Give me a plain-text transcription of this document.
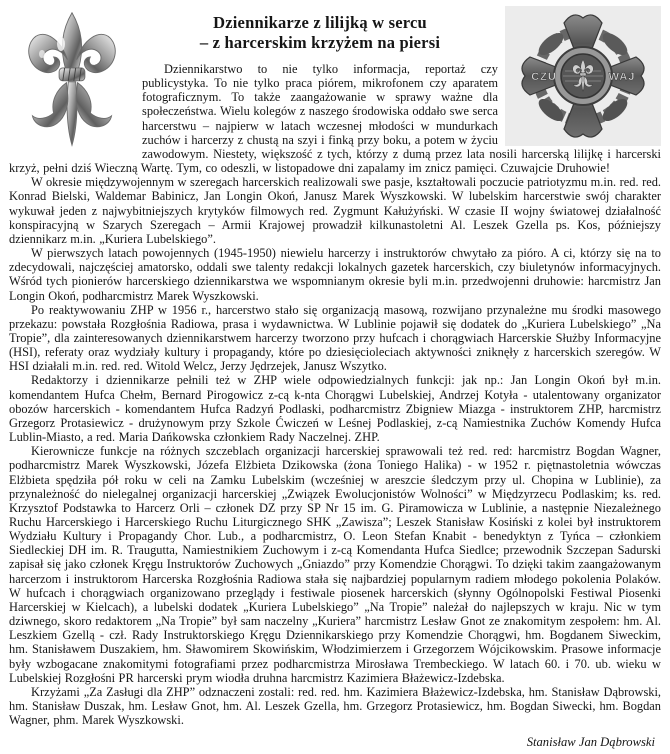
CZU	WAJ
Dziennikarze z lilijką w sercu
– z harcerskim krzyżem na piersi

Dziennikarstwo to nie tylko informacja, reportaż czy publicystyka. To nie tylko praca piórem, mikrofonem czy aparatem fotograficznym. To także zaangażowanie w sprawy ważne dla społeczeństwa. Wielu kolegów z naszego środowiska oddało swe serca harcerstwu – najpierw w latach wczesnej młodości w mundurkach zuchów i harcerzy z chustą na szyi i finką przy boku, a potem w życiu zawodowym. Niestety, większość z tych, którzy z dumą przez lata nosili harcerską lilijkę i harcerski krzyż, pełni dziś Wieczną Wartę. Tym, co odeszli, w listopadowe dni zapalamy im znicz pamięci. Czuwajcie Druhowie!

W okresie międzywojennym w szeregach harcerskich realizowali swe pasje, kształtowali poczucie patriotyzmu m.in. red. red. Konrad Bielski, Waldemar Babinicz, Jan Longin Okoń, Janusz Marek Wyszkowski. W lubelskim harcerstwie swój charakter wykuwał jeden z najwybitniejszych krytyków filmowych red. Zygmunt Kałużyński. W czasie II wojny światowej działalność konspiracyjną w Szarych Szeregach – Armii Krajowej prowadził kilkunastoletni Al. Leszek Gzella ps. Kos, późniejszy dziennikarz m.in. „Kuriera Lubelskiego”.

W pierwszych latach powojennych (1945-1950) niewielu harcerzy i instruktorów chwytało za pióro. A ci, którzy się na to zdecydowali, najczęściej amatorsko, oddali swe talenty redakcji lokalnych gazetek harcerskich, czy biuletynów informacyjnych. Wśród tych pionierów harcerskiego dziennikarstwa we wspomnianym okresie byli m.in. przedwojenni druhowie: harcmistrz Jan Longin Okoń, podharcmistrz Marek Wyszkowski.

Po reaktywowaniu ZHP w 1956 r., harcerstwo stało się organizacją masową, rozwijano przynależne mu środki masowego przekazu: powstała Rozgłośnia Radiowa, prasa i wydawnictwa. W Lublinie pojawił się dodatek do „Kuriera Lubelskiego” „Na Tropie”, dla zainteresowanych dziennikarstwem harcerzy tworzono przy hufcach i chorągwiach Harcerskie Służby Informacyjne (HSI), referaty oraz wydziały kultury i propagandy, które po dziesięcioleciach aktywności zniknęły z harcerskich szeregów. W HSI działali m.in. red. red. Witold Welcz, Jerzy Jędrzejek, Janusz Wszytko.

Redaktorzy i dziennikarze pełnili też w ZHP wiele odpowiedzialnych funkcji: jak np.: Jan Longin Okoń był m.in. komendantem Hufca Chełm, Bernard Pirogowicz z-cą k-nta Chorągwi Lubelskiej, Andrzej Kotyła - utalentowany organizator obozów harcerskich - komendantem Hufca Radzyń Podlaski, podharcmistrz Zbigniew Miazga - instruktorem ZHP, harcmistrz Grzegorz Protasiewicz - drużynowym przy Szkole Ćwiczeń w Leśnej Podlaskiej, z-cą Namiestnika Zuchów Komendy Hufca Lublin-Miasto, a red. Maria Dańkowska członkiem Rady Naczelnej. ZHP.

Kierownicze funkcje na różnych szczeblach organizacji harcerskiej sprawowali też red. red: harcmistrz Bogdan Wagner, podharcmistrz Marek Wyszkowski, Józefa Elżbieta Dzikowska (żona Toniego Halika) - w 1952 r. piętnastoletnia wówczas Elżbieta spędziła pół roku w celi na Zamku Lubelskim (wcześniej w areszcie śledczym przy ul. Chopina w Lublinie), za przynależność do nielegalnej organizacji harcerskiej „Związek Ewolucjonistów Wolności” w Międzyrzecu Podlaskim; ks. red. Krzysztof Podstawka to Harcerz Orli – członek DZ przy SP Nr 15 im. G. Piramowicza w Lublinie, a następnie Niezależnego Ruchu Harcerskiego i Harcerskiego Ruchu Liturgicznego SHK „Zawisza”; Leszek Stanisław Kosiński z kolei był instruktorem Wydziału Kultury i Propagandy Chor. Lub., a podharcmistrz, O. Leon Stefan Knabit - benedyktyn z Tyńca – członkiem Siedleckiej DH im. R. Traugutta, Namiestnikiem Zuchowym i z-cą Komendanta Hufca Siedlce; przewodnik Szczepan Sadurski zapisał się jako członek Kręgu Instruktorów Zuchowych „Gniazdo” przy Komendzie Chorągwi. To dzięki takim zaangażowanym harcerzom i instruktorom Harcerska Rozgłośnia Radiowa stała się najbardziej popularnym radiem młodego pokolenia Polaków. W hufcach i chorągwiach organizowano przeglądy i festiwale piosenek harcerskich (słynny Ogólnopolski Festiwal Piosenki Harcerskiej w Kielcach), a lubelski dodatek „Kuriera Lubelskiego” „Na Tropie” należał do najlepszych w kraju. Nic w tym dziwnego, skoro redaktorem „Na Tropie” był sam naczelny „Kuriera” harcmistrz Lesław Gnot ze znakomitym zespołem: hm. Al. Leszkiem Gzellą - czł. Rady Instruktorskiego Kręgu Dziennikarskiego przy Komendzie Chorągwi, hm. Bogdanem Siweckim, hm. Stanisławem Duszakiem, hm. Sławomirem Skowińskim, Włodzimierzem i Grzegorzem Wójcikowskim. Prasowe informacje były wzbogacane znakomitymi fotografiami przez podharcmistrza Mirosława Trembeckiego. W latach 60. i 70. ub. wieku w Lubelskiej Rozgłośni PR harcerski prym wiodła druhna harcmistrz Kazimiera Błażewicz-Izdebska.

Krzyżami „Za Zasługi dla ZHP” odznaczeni zostali: red. red. hm. Kazimiera Błażewicz-Izdebska, hm. Stanisław Dąbrowski, hm. Stanisław Duszak, hm. Lesław Gnot, hm. Al. Leszek Gzella, hm. Grzegorz Protasiewicz, hm. Bogdan Siwecki, hm. Bogdan Wagner, phm. Marek Wyszkowski.

Stanisław Jan Dąbrowski
